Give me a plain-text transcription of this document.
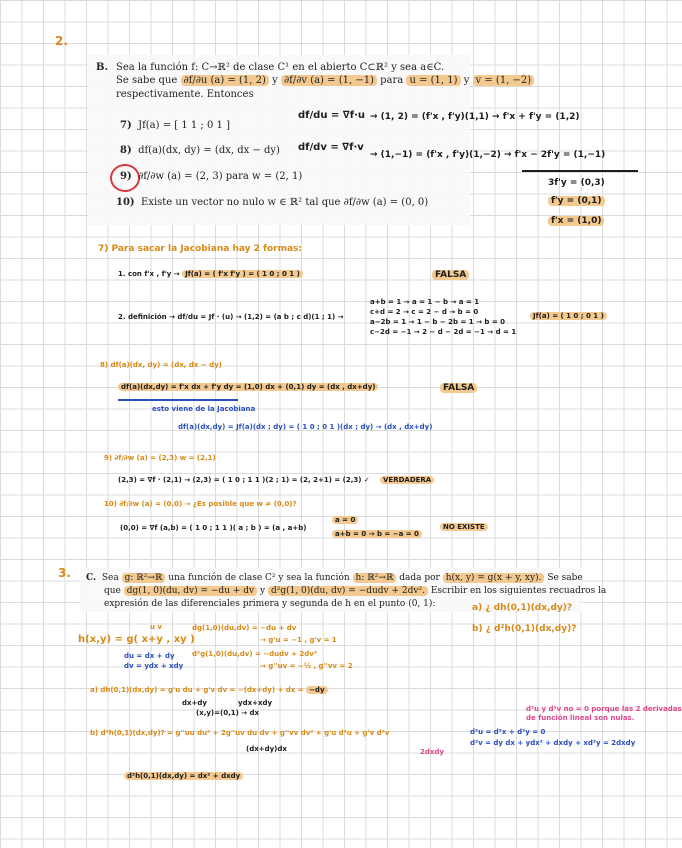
2.
B. Sea la función f: C→ℝ² de clase C¹ en el abierto C⊂ℝ² y sea a∈C.
Se sabe que ∂f/∂u (a) = (1, 2) y ∂f/∂v (a) = (1, −1) para u = (1, 1) y v = (1, −2)
respectivamente. Entonces
7) Jf(a) = [ 1 1 ; 0 1 ]
8) df(a)(dx, dy) = (dx, dx − dy)
9) ∂f/∂w (a) = (2, 3) para w = (2, 1)
10) Existe un vector no nulo w ∈ ℝ² tal que ∂f/∂w (a) = (0, 0)
df/du = ∇f·u → (1, 2) = (f'x , f'y)(1,1) → f'x + f'y = (1,2)
df/dv = ∇f·v
→ (1,−1) = (f'x , f'y)(1,−2) → f'x − 2f'y = (1,−1)
3f'y = (0,3)
f'y = (0,1)
f'x = (1,0)
7) Para sacar la Jacobiana hay 2 formas:
1. con f'x , f'y → Jf(a) = ( f'x f'y ) = ( 1 0 ; 0 1 )	FALSA
2. definición → df/du = Jf · (u) → (1,2) = (a b ; c d)(1 ; 1) →
a+b = 1 → a = 1 − b → a = 1
c+d = 2 → c = 2 − d → b = 0
a−2b = 1 → 1 − b − 2b = 1 → b = 0
c−2d = −1 → 2 − d − 2d = −1 → d = 1
Jf(a) = ( 1 0 ; 0 1 )
8) df(a)(dx, dy) = (dx, dx − dy)
df(a)(dx,dy) = f'x dx + f'y dy = (1,0) dx + (0,1) dy = (dx , dx+dy)	FALSA
esto viene de la Jacobiana
df(a)(dx,dy) = Jf(a)(dx ; dy) = ( 1 0 ; 0 1 )(dx ; dy) → (dx , dx+dy)
9) ∂f/∂w (a) = (2,3) w = (2,1)
(2,3) = ∇f · (2,1) → (2,3) = ( 1 0 ; 1 1 )(2 ; 1) = (2, 2+1) = (2,3) ✓	VERDADERA
10) ∂f/∂w (a) = (0,0) → ¿Es posible que w ≠ (0,0)?
(0,0) = ∇f (a,b) = ( 1 0 ; 1 1 )( a ; b ) = (a , a+b)
a = 0
a+b = 0 → b = −a = 0
NO EXISTE
3. C. Sea g: ℝ²→ℝ una función de clase C² y sea la función h: ℝ²→ℝ dada por h(x, y) = g(x + y, xy). Se sabe
que dg(1, 0)(du, dv) = −du + dv y d²g(1, 0)(du, dv) = −dudv + 2dv². Escribir en los siguientes recuadros la
expresión de las diferenciales primera y segunda de h en el punto (0, 1):	a) ¿ dh(0,1)(dx,dy)?
b) ¿ d²h(0,1)(dx,dy)?
h(x,y) = g( x+y , xy )
u v
du = dx + dy
dv = ydx + xdy
dg(1,0)(du,dv) = −du + dv
→ g'u = −1 , g'v = 1
d²g(1,0)(du,dv) = −dudv + 2dv²
→ g''uv = −½ , g''vv = 2
a) dh(0,1)(dx,dy) = g'u du + g'v dv = −(dx+dy) + dx = −dy
dx+dy	ydx+xdy
(x,y)=(0,1) → dx
b) d²h(0,1)(dx,dy)? = g''uu du² + 2g''uv du dv + g''vv dv² + g'u d²u + g'v d²v
(dx+dy)dx	2dxdy
d²u y d²v no = 0 porque las 2 derivadas
de función lineal son nulas.
d²u = d²x + d²y = 0
d²v = dy dx + ydx² + dxdy + xd²y = 2dxdy
d²h(0,1)(dx,dy) = dx² + dxdy
